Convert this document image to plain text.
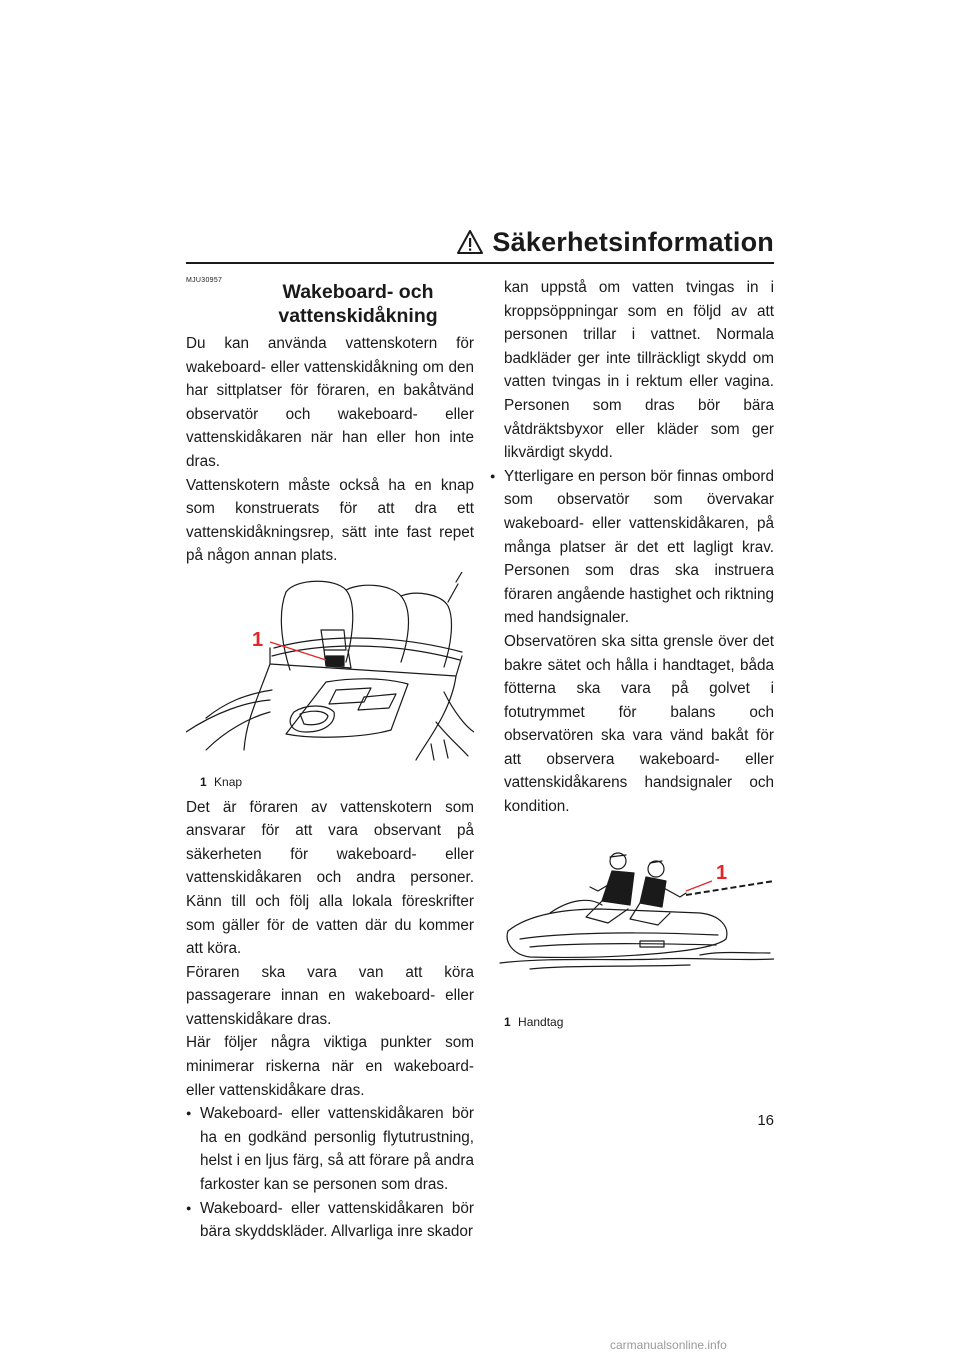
Säkerhetsinformation
MJU30957
Wakeboard- och
vattenskidåkning

Du kan använda vattenskotern för wakeboard- eller vattenskidåkning om den har sittplatser för föraren, en bakåtvänd observatör och wakeboard- eller vattenskidåkaren när han eller hon inte dras.

Vattenskotern måste också ha en knap som konstruerats för att dra ett vattenskidåkningsrep, sätt inte fast repet på någon annan plats.

1
1 Knap

Det är föraren av vattenskotern som ansvarar för att vara observant på säkerheten för wakeboard- eller vattenskidåkaren och andra personer. Känn till och följ alla lokala föreskrifter som gäller för de vatten där du kommer att köra.

Föraren ska vara van att köra passagerare innan en wakeboard- eller vattenskidåkare dras.

Här följer några viktiga punkter som minimerar riskerna när en wakeboard- eller vattenskidåkare dras.

● Wakeboard- eller vattenskidåkaren bör ha en godkänd personlig flytutrustning, helst i en ljus färg, så att förare på andra farkoster kan se personen som dras.
● Wakeboard- eller vattenskidåkaren bör bära skyddskläder. Allvarliga inre skador

kan uppstå om vatten tvingas in i kroppsöppningar som en följd av att personen trillar i vattnet. Normala badkläder ger inte tillräckligt skydd om vatten tvingas in i rektum eller vagina. Personen som dras bör bära våtdräktsbyxor eller kläder som ger likvärdigt skydd.

● Ytterligare en person bör finnas ombord som observatör som övervakar wakeboard- eller vattenskidåkaren, på många platser är det ett lagligt krav. Personen som dras ska instruera föraren angående hastighet och riktning med handsignaler.

Observatören ska sitta grensle över det bakre sätet och hålla i handtaget, båda fötterna ska vara på golvet i fotutrymmet för balans och observatören ska vara vänd bakåt för att observera wakeboard- eller vattenskidåkarens handsignaler och kondition.

1
1 Handtag
16
carmanualsonline.info
